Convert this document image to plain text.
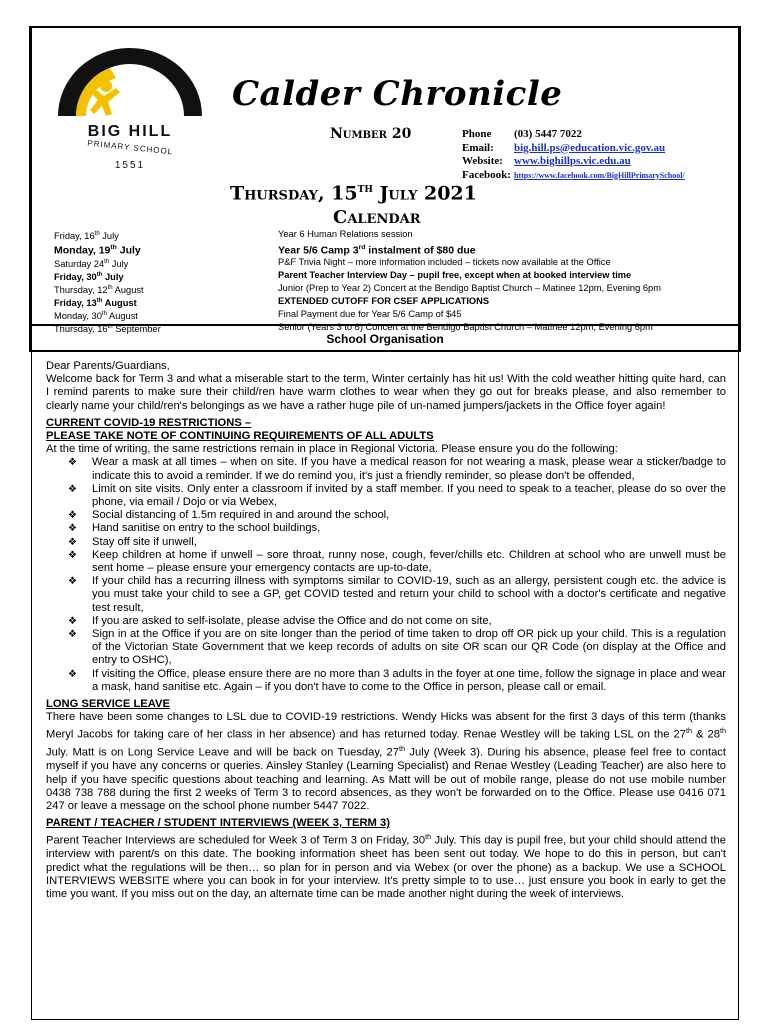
BIG HILL
PRIMARY SCHOOL
1551
Calder Chronicle
Number 20	Phone	(03) 5447 7022
Email:	big.hill.ps@education.vic.gov.au
Website:	www.bighillps.vic.edu.au
Facebook: https://www.facebook.com/BigHillPrimarySchool/
Thursday, 15th July 2021
Calendar
Friday, 16th July	Year 6 Human Relations session
Monday, 19th July	Year 5/6 Camp 3rd instalment of $80 due
Saturday 24th July	P&F Trivia Night – more information included – tickets now available at the Office
Friday, 30th July	Parent Teacher Interview Day – pupil free, except when at booked interview time
Thursday, 12th August	Junior (Prep to Year 2) Concert at the Bendigo Baptist Church – Matinee 12pm, Evening 6pm
Friday, 13th August	EXTENDED CUTOFF FOR CSEF APPLICATIONS
Monday, 30th August	Final Payment due for Year 5/6 Camp of $45
Thursday, 16th September	Senior (Years 3 to 6) Concert at the Bendigo Baptist Church – Matinee 12pm, Evening 6pm
School Organisation

Dear Parents/Guardians,

Welcome back for Term 3 and what a miserable start to the term, Winter certainly has hit us! With the cold weather hitting quite hard, can I remind parents to make sure their child/ren have warm clothes to wear when they go out for breaks please, and also remember to clearly name your child/ren's belongings as we have a rather huge pile of un-named jumpers/jackets in the Office foyer again!

CURRENT COVID-19 RESTRICTIONS –
PLEASE TAKE NOTE OF CONTINUING REQUIREMENTS OF ALL ADULTS

At the time of writing, the same restrictions remain in place in Regional Victoria. Please ensure you do the following:

❖ Wear a mask at all times – when on site. If you have a medical reason for not wearing a mask, please wear a sticker/badge to indicate this to avoid a reminder. If we do remind you, it's just a friendly reminder, so please don't be offended,
❖ Limit on site visits. Only enter a classroom if invited by a staff member. If you need to speak to a teacher, please do so over the phone, via email / Dojo or via Webex,
❖ Social distancing of 1.5m required in and around the school,
❖ Hand sanitise on entry to the school buildings,
❖ Stay off site if unwell,
❖ Keep children at home if unwell – sore throat, runny nose, cough, fever/chills etc. Children at school who are unwell must be sent home – please ensure your emergency contacts are up-to-date,
❖ If your child has a recurring illness with symptoms similar to COVID-19, such as an allergy, persistent cough etc. the advice is you must take your child to see a GP, get COVID tested and return your child to school with a doctor's certificate and negative test result,
❖ If you are asked to self-isolate, please advise the Office and do not come on site,
❖ Sign in at the Office if you are on site longer than the period of time taken to drop off OR pick up your child. This is a regulation of the Victorian State Government that we keep records of adults on site OR scan our QR Code (on display at the Office and entry to OSHC),
❖ If visiting the Office, please ensure there are no more than 3 adults in the foyer at one time, follow the signage in place and wear a mask, hand sanitise etc. Again – if you don't have to come to the Office in person, please call or email.
LONG SERVICE LEAVE

There have been some changes to LSL due to COVID-19 restrictions. Wendy Hicks was absent for the first 3 days of this term (thanks Meryl Jacobs for taking care of her class in her absence) and has returned today. Renae Westley will be taking LSL on the 27th & 28th July. Matt is on Long Service Leave and will be back on Tuesday, 27th July (Week 3). During his absence, please feel free to contact myself if you have any concerns or queries. Ainsley Stanley (Learning Specialist) and Renae Westley (Leading Teacher) are also here to help if you have specific questions about teaching and learning. As Matt will be out of mobile range, please do not use mobile number 0438 738 788 during the first 2 weeks of Term 3 to record absences, as they won't be forwarded on to the Office. Please use 0416 071 247 or leave a message on the school phone number 5447 7022.

PARENT / TEACHER / STUDENT INTERVIEWS (WEEK 3, TERM 3)

Parent Teacher Interviews are scheduled for Week 3 of Term 3 on Friday, 30th July. This day is pupil free, but your child should attend the interview with parent/s on this date. The booking information sheet has been sent out today. We hope to do this in person, but can't predict what the regulations will be then… so plan for in person and via Webex (or over the phone) as a backup. We use a SCHOOL INTERVIEWS WEBSITE where you can book in for your interview. It's pretty simple to to use… just ensure you book in early to get the time you want. If you miss out on the day, an alternate time can be made another night during the week of interviews.
